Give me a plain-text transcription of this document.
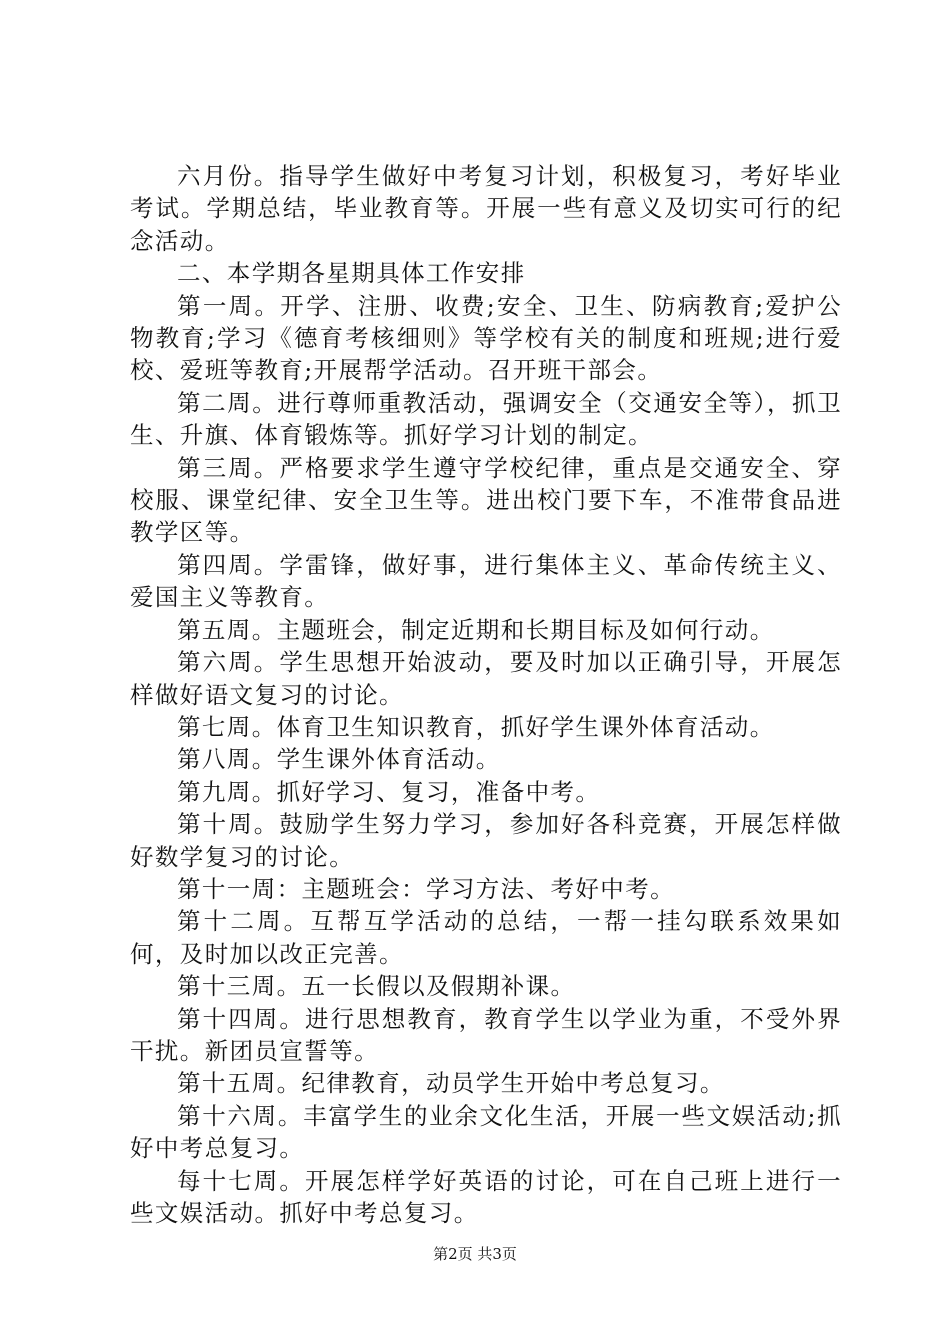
六月份。指导学生做好中考复习计划，积极复习，考好毕业考试。学期总结，毕业教育等。开展一些有意义及切实可行的纪念活动。

二、本学期各星期具体工作安排

第一周。开学、注册、收费;安全、卫生、防病教育;爱护公物教育;学习《德育考核细则》等学校有关的制度和班规;进行爱校、爱班等教育;开展帮学活动。召开班干部会。

第二周。进行尊师重教活动，强调安全（交通安全等），抓卫生、升旗、体育锻炼等。抓好学习计划的制定。

第三周。严格要求学生遵守学校纪律，重点是交通安全、穿校服、课堂纪律、安全卫生等。进出校门要下车，不准带食品进教学区等。

第四周。学雷锋，做好事，进行集体主义、革命传统主义、爱国主义等教育。

第五周。主题班会，制定近期和长期目标及如何行动。

第六周。学生思想开始波动，要及时加以正确引导，开展怎样做好语文复习的讨论。

第七周。体育卫生知识教育，抓好学生课外体育活动。

第八周。学生课外体育活动。

第九周。抓好学习、复习，准备中考。

第十周。鼓励学生努力学习，参加好各科竞赛，开展怎样做好数学复习的讨论。

第十一周：主题班会：学习方法、考好中考。

第十二周。互帮互学活动的总结，一帮一挂勾联系效果如何，及时加以改正完善。

第十三周。五一长假以及假期补课。

第十四周。进行思想教育，教育学生以学业为重，不受外界干扰。新团员宣誓等。

第十五周。纪律教育，动员学生开始中考总复习。

第十六周。丰富学生的业余文化生活，开展一些文娱活动;抓好中考总复习。

每十七周。开展怎样学好英语的讨论，可在自己班上进行一些文娱活动。抓好中考总复习。

第2页 共3页
